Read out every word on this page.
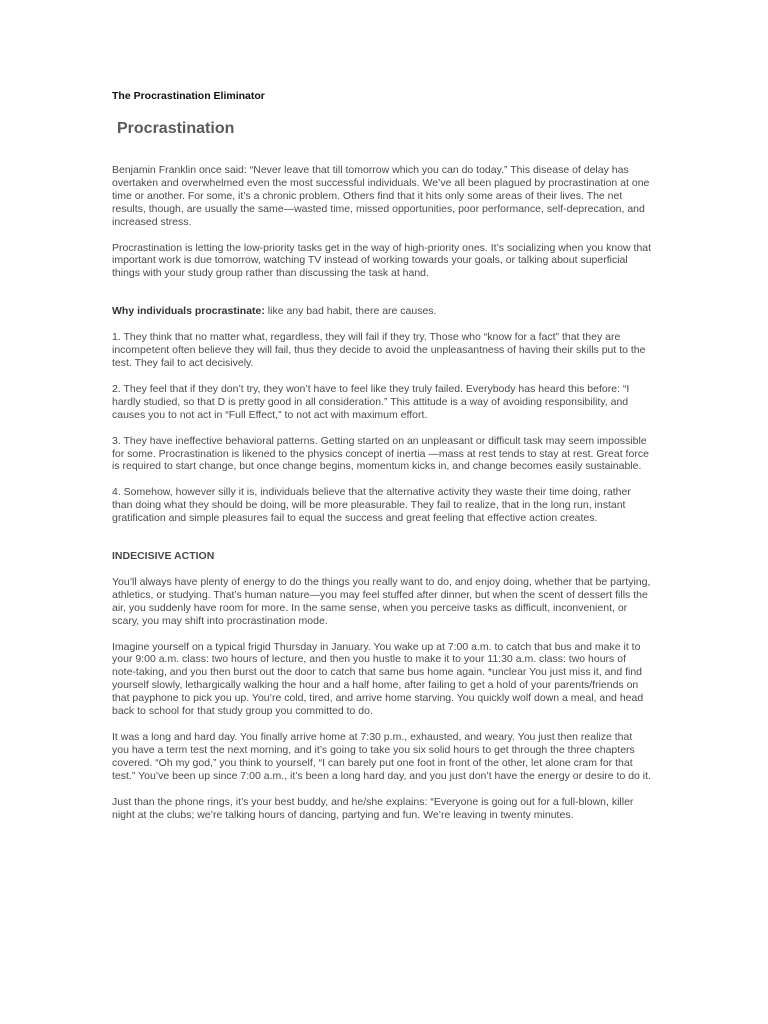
The Procrastination Eliminator
Procrastination

Benjamin Franklin once said: “Never leave that till tomorrow which you can do today.” This disease of delay has overtaken and overwhelmed even the most successful individuals. We’ve all been plagued by procrastination at one time or another. For some, it’s a chronic problem. Others find that it hits only some areas of their lives. The net results, though, are usually the same—wasted time, missed opportunities, poor performance, self-deprecation, and increased stress.

Procrastination is letting the low-priority tasks get in the way of high-priority ones. It’s socializing when you know that important work is due tomorrow, watching TV instead of working towards your goals, or talking about superficial things with your study group rather than discussing the task at hand.

Why individuals procrastinate: like any bad habit, there are causes.

1. They think that no matter what, regardless, they will fail if they try. Those who “know for a fact” that they are incompetent often believe they will fail, thus they decide to avoid the unpleasantness of having their skills put to the test. They fail to act decisively.

2. They feel that if they don’t try, they won’t have to feel like they truly failed. Everybody has heard this before: “I hardly studied, so that D is pretty good in all consideration.” This attitude is a way of avoiding responsibility, and causes you to not act in “Full Effect,” to not act with maximum effort.

3. They have ineffective behavioral patterns. Getting started on an unpleasant or difficult task may seem impossible for some. Procrastination is likened to the physics concept of inertia —mass at rest tends to stay at rest. Great force is required to start change, but once change begins, momentum kicks in, and change becomes easily sustainable.

4. Somehow, however silly it is, individuals believe that the alternative activity they waste their time doing, rather than doing what they should be doing, will be more pleasurable. They fail to realize, that in the long run, instant gratification and simple pleasures fail to equal the success and great feeling that effective action creates.

INDECISIVE ACTION

You’ll always have plenty of energy to do the things you really want to do, and enjoy doing, whether that be partying, athletics, or studying. That’s human nature—you may feel stuffed after dinner, but when the scent of dessert fills the air, you suddenly have room for more. In the same sense, when you perceive tasks as difficult, inconvenient, or scary, you may shift into procrastination mode.

Imagine yourself on a typical frigid Thursday in January. You wake up at 7:00 a.m. to catch that bus and make it to your 9:00 a.m. class: two hours of lecture, and then you hustle to make it to your 11:30 a.m. class: two hours of note-taking, and you then burst out the door to catch that same bus home again. *unclear You just miss it, and find yourself slowly, lethargically walking the hour and a half home, after failing to get a hold of your parents/friends on that payphone to pick you up. You’re cold, tired, and arrive home starving. You quickly wolf down a meal, and head back to school for that study group you committed to do.

It was a long and hard day. You finally arrive home at 7:30 p.m., exhausted, and weary. You just then realize that you have a term test the next morning, and it’s going to take you six solid hours to get through the three chapters covered. “Oh my god,” you think to yourself, “I can barely put one foot in front of the other, let alone cram for that test.” You’ve been up since 7:00 a.m., it’s been a long hard day, and you just don’t have the energy or desire to do it.

Just than the phone rings, it’s your best buddy, and he/she explains: “Everyone is going out for a full-blown, killer night at the clubs; we’re talking hours of dancing, partying and fun. We’re leaving in twenty minutes.
